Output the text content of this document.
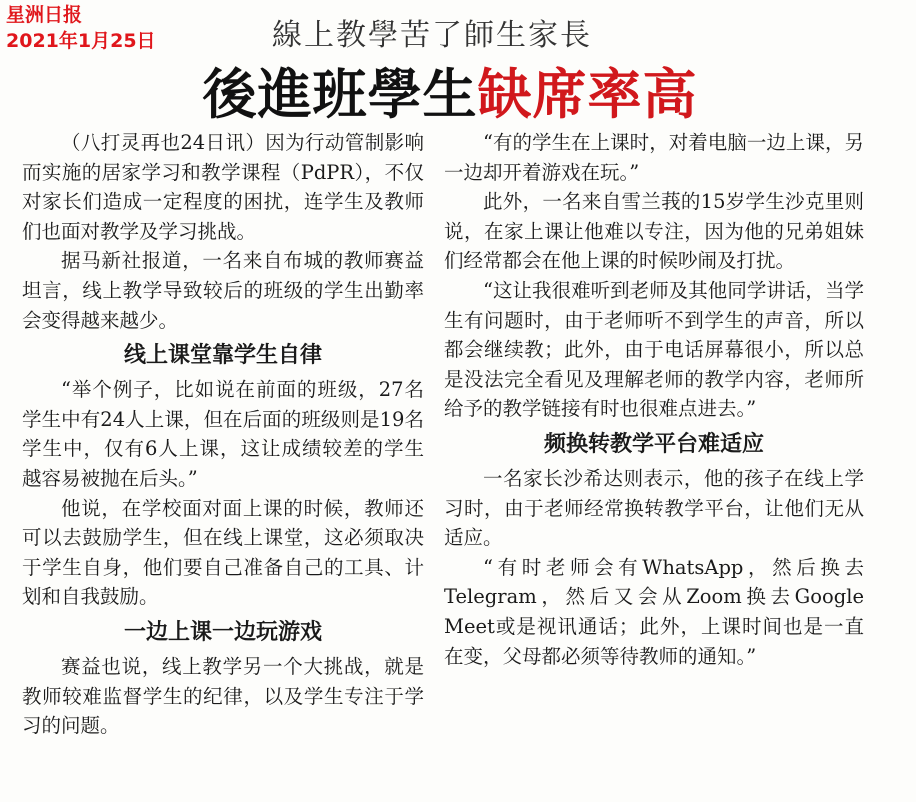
星洲日报
2021年1月25日	線上教學苦了師生家長
後進班學生缺席率高

（八打灵再也24日讯）因为行动管制影响而实施的居家学习和教学课程（PdPR），不仅对家长们造成一定程度的困扰，连学生及教师们也面对教学及学习挑战。

据马新社报道，一名来自布城的教师赛益坦言，线上教学导致较后的班级的学生出勤率会变得越来越少。

线上课堂靠学生自律

“举个例子，比如说在前面的班级，27名学生中有24人上课，但在后面的班级则是19名学生中，仅有6人上课，这让成绩较差的学生越容易被抛在后头。”

他说，在学校面对面上课的时候，教师还可以去鼓励学生，但在线上课堂，这必须取决于学生自身，他们要自己准备自己的工具、计划和自我鼓励。

一边上课一边玩游戏

赛益也说，线上教学另一个大挑战，就是教师较难监督学生的纪律，以及学生专注于学习的问题。

“有的学生在上课时，对着电脑一边上课，另一边却开着游戏在玩。”

此外，一名来自雪兰莪的15岁学生沙克里则说，在家上课让他难以专注，因为他的兄弟姐妹们经常都会在他上课的时候吵闹及打扰。

“这让我很难听到老师及其他同学讲话，当学生有问题时，由于老师听不到学生的声音，所以都会继续教；此外，由于电话屏幕很小，所以总是没法完全看见及理解老师的教学内容，老师所给予的教学链接有时也很难点进去。”

频换转教学平台难适应

一名家长沙希达则表示，他的孩子在线上学习时，由于老师经常换转教学平台，让他们无从适应。

“有时老师会有WhatsApp，然后换去Telegram，然后又会从Zoom换去Google Meet或是视讯通话；此外，上课时间也是一直在变，父母都必须等待教师的通知。”
